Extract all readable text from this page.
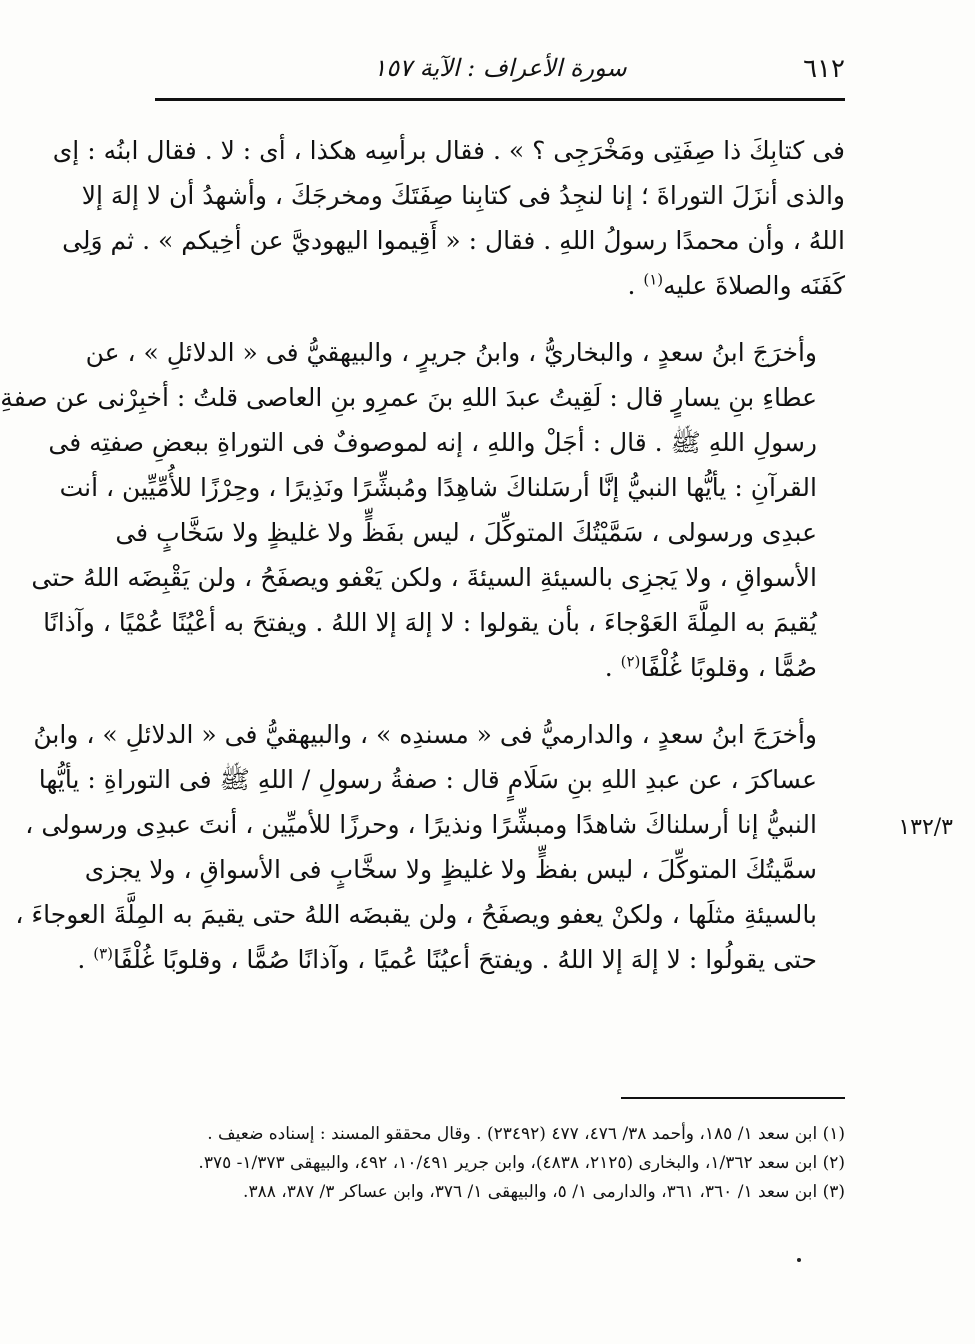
٦١٢
سورة الأعراف : الآية ١٥٧

فى كتابِكَ ذا صِفَتِى ومَخْرَجِى ؟ » . فقال برأسِه هكذا ، أى : لا . فقال ابنُه : إى
والذى أنزَلَ التوراةَ ؛ إنا لنجِدُ فى كتابِنا صِفَتَكَ ومخرجَكَ ، وأشهدُ أن لا إلهَ إلا
اللهُ ، وأن محمدًا رسولُ اللهِ . فقال : « أَقِيموا اليهوديَّ عن أخِيكم » . ثم وَلِى
كَفَنَه والصلاةَ عليه$^{(١)}$ .

وأخرَجَ ابنُ سعدٍ ، والبخاريُّ ، وابنُ جريرٍ ، والبيهقيُّ فى « الدلائلِ » ، عن
عطاءِ بنِ يسارٍ قال : لَقِيتُ عبدَ اللهِ بنَ عمرِو بنِ العاصى قلتُ : أخبِرْنى عن صفةِ
رسولِ اللهِ ﷺ . قال : أجَلْ واللهِ ، إنه لموصوفٌ فى التوراةِ ببعضِ صفتِه فى
القرآنِ : يأيُّها النبيُّ إنَّا أرسَلناكَ شاهِدًا ومُبشِّرًا ونَذِيرًا ، وحِرْزًا للأُمِّيِّين ، أنت
عبدِى ورسولى ، سَمَّيْتُكَ المتوكِّلَ ، ليس بفَظٍّ ولا غليظٍ ولا سَخَّابٍ فى
الأسواقِ ، ولا يَجزِى بالسيئةِ السيئةَ ، ولكن يَعْفو ويصفَحُ ، ولن يَقْبِضَه اللهُ حتى
يُقيمَ به المِلَّةَ العَوْجاءَ ، بأن يقولوا : لا إلهَ إلا اللهُ . ويفتحَ به أعْيُنًا عُمْيًا ، وآذانًا
صُمًّا ، وقلوبًا غُلْفًا$^{(٢)}$ .

وأخرَجَ ابنُ سعدٍ ، والدارميُّ فى « مسندِه » ، والبيهقيُّ فى « الدلائلِ » ، وابنُ
عساكرَ ، عن عبدِ اللهِ بنِ سَلَامٍ قال : صفةُ رسولِ / اللهِ ﷺ فى التوراةِ : يأيُّها
النبيُّ إنا أرسلناكَ شاهدًا ومبشِّرًا ونذيرًا ، وحرزًا للأميِّين ، أنتَ عبدِى ورسولى ،
سمَّيتُكَ المتوكِّلَ ، ليس بفظٍّ ولا غليظٍ ولا سخَّابٍ فى الأسواقِ ، ولا يجزى
بالسيئةِ مثلَها ، ولكنْ يعفو ويصفَحُ ، ولن يقبضَه اللهُ حتى يقيمَ به المِلَّةَ العوجاءَ ،
حتى يقولُوا : لا إلهَ إلا اللهُ . ويفتحَ أعيُنًا عُميًا ، وآذانًا صُمًّا ، وقلوبًا غُلْفًا$^{(٣)}$ .

١٣٢/٣
(١) ابن سعد ١/ ١٨٥، وأحمد ٣٨/ ٤٧٦، ٤٧٧ (٢٣٤٩٢) . وقال محققو المسند : إسناده ضعيف .
(٢) ابن سعد ١/٣٦٢، والبخارى (٢١٢٥، ٤٨٣٨)، وابن جرير ١٠/٤٩١، ٤٩٢، والبيهقى ١/٣٧٣- ٣٧٥.
(٣) ابن سعد ١/ ٣٦٠، ٣٦١، والدارمى ١/ ٥، والبيهقى ١/ ٣٧٦، وابن عساكر ٣/ ٣٨٧، ٣٨٨.
